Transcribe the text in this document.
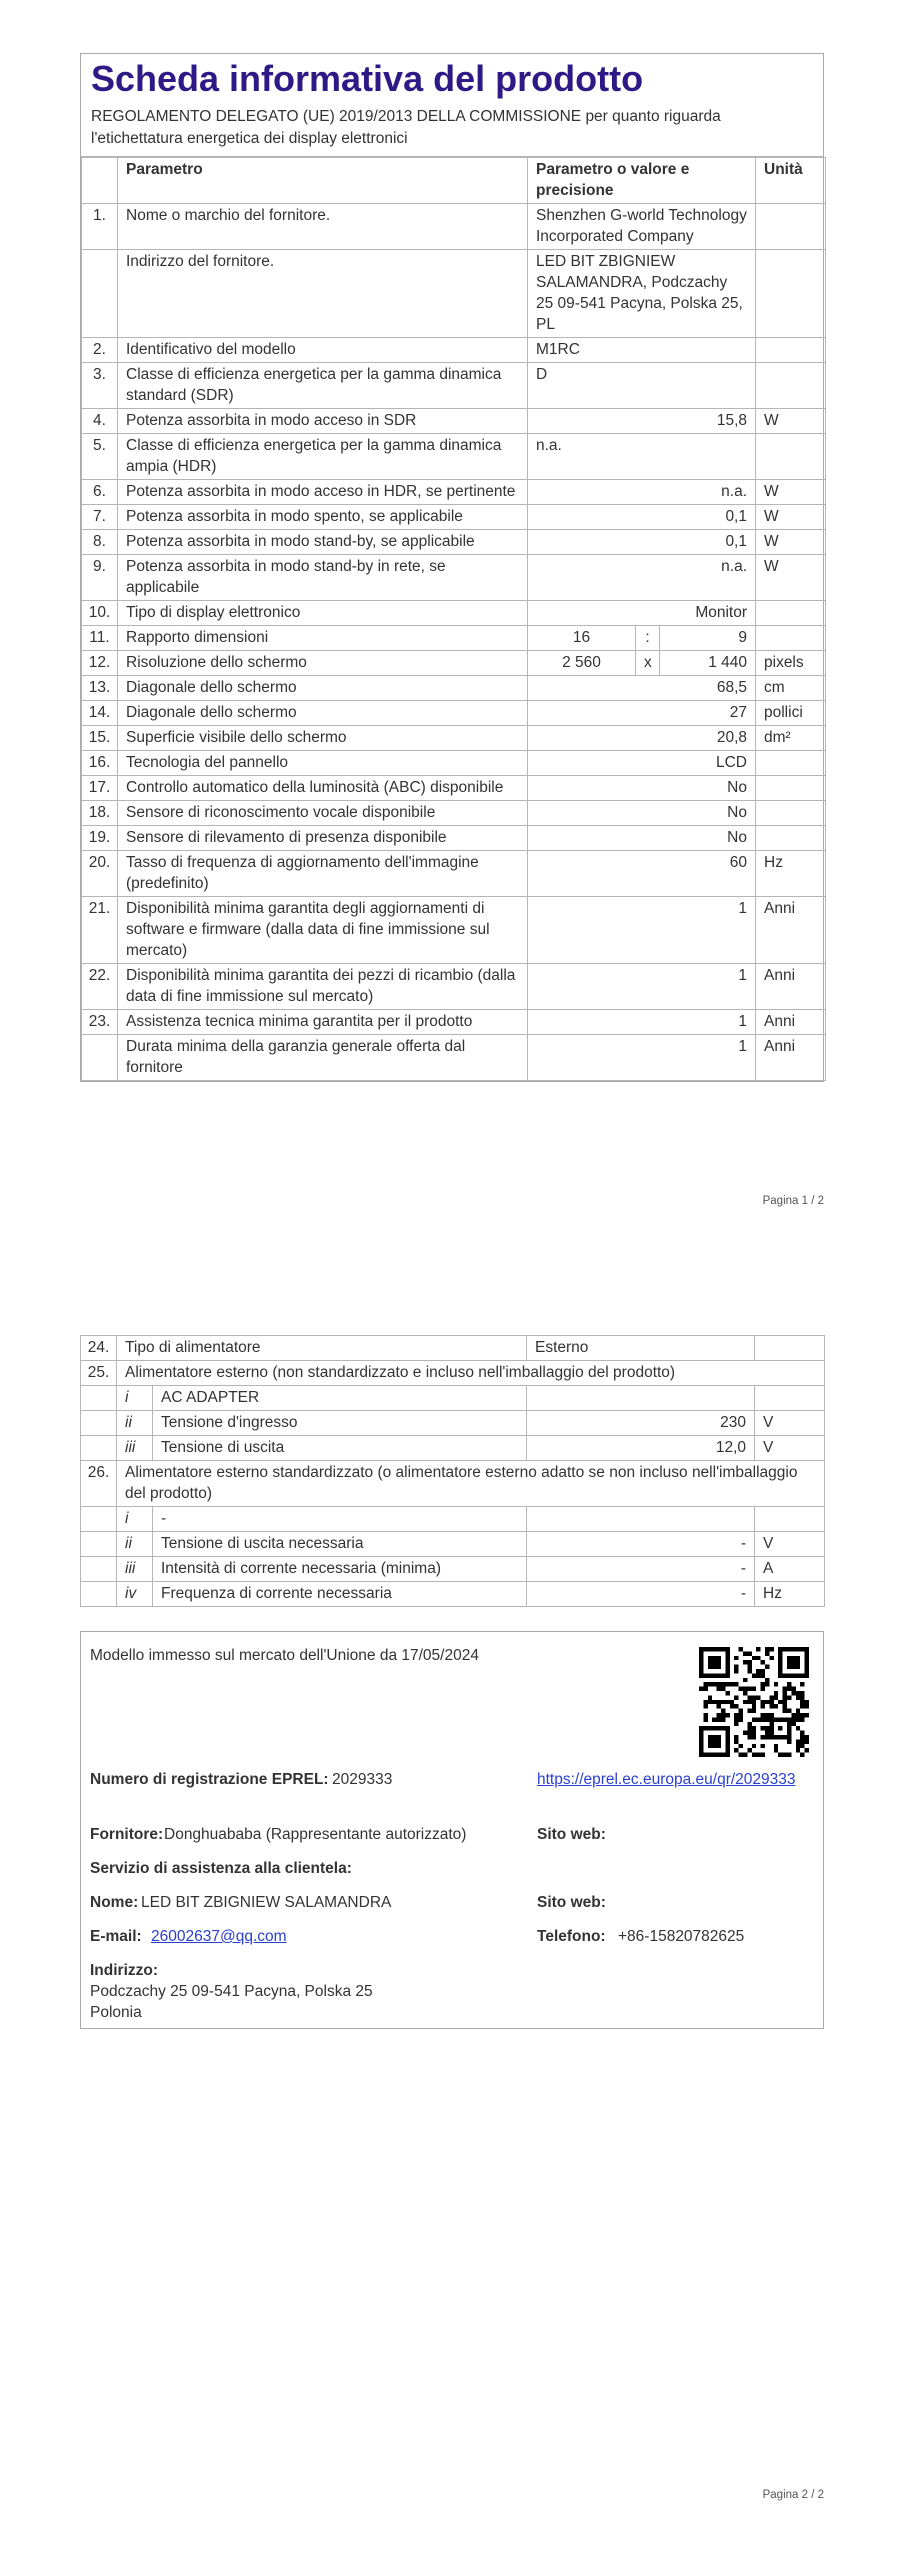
Scheda informativa del prodotto
REGOLAMENTO DELEGATO (UE) 2019/2013 DELLA COMMISSIONE per quanto riguarda l'etichettatura energetica dei display elettronici
	Parametro	Parametro o valore e precisione			Unità
1.	Nome o marchio del fornitore.	Shenzhen G-world Technology Incorporated Company			
	Indirizzo del fornitore.	LED BIT ZBIGNIEW SALAMANDRA, Podczachy 25 09-541 Pacyna, Polska 25, PL			
2.	Identificativo del modello	M1RC			
3.	Classe di efficienza energetica per la gamma dinamica standard (SDR)	D			
4.	Potenza assorbita in modo acceso in SDR	15,8			W
5.	Classe di efficienza energetica per la gamma dinamica ampia (HDR)	n.a.			
6.	Potenza assorbita in modo acceso in HDR, se pertinente	n.a.			W
7.	Potenza assorbita in modo spento, se applicabile	0,1			W
8.	Potenza assorbita in modo stand-by, se applicabile	0,1			W
9.	Potenza assorbita in modo stand-by in rete, se applicabile	n.a.			W
10.	Tipo di display elettronico	Monitor			
11.	Rapporto dimensioni	16	:	9	
12.	Risoluzione dello schermo	2 560	x	1 440	pixels
13.	Diagonale dello schermo	68,5			cm
14.	Diagonale dello schermo	27			pollici
15.	Superficie visibile dello schermo	20,8			dm²
16.	Tecnologia del pannello	LCD			
17.	Controllo automatico della luminosità (ABC) disponibile	No			
18.	Sensore di riconoscimento vocale disponibile	No			
19.	Sensore di rilevamento di presenza disponibile	No			
20.	Tasso di frequenza di aggiornamento dell'immagine (predefinito)	60			Hz
21.	Disponibilità minima garantita degli aggiornamenti di software e firmware (dalla data di fine immissione sul mercato)	1			Anni
22.	Disponibilità minima garantita dei pezzi di ricambio (dalla data di fine immissione sul mercato)	1			Anni
23.	Assistenza tecnica minima garantita per il prodotto	1			Anni
	Durata minima della garanzia generale offerta dal fornitore	1			Anni
Pagina 1 / 2
24.	Tipo di alimentatore		Esterno	
25.	Alimentatore esterno (non standardizzato e incluso nell'imballaggio del prodotto)			
	i	AC ADAPTER		
	ii	Tensione d'ingresso	230	V
	iii	Tensione di uscita	12,0	V
26.	Alimentatore esterno standardizzato (o alimentatore esterno adatto se non incluso nell'imballaggio del prodotto)			
	i	-		
	ii	Tensione di uscita necessaria	-	V
	iii	Intensità di corrente necessaria (minima)	-	A
	iv	Frequenza di corrente necessaria	-	Hz
Modello immesso sul mercato dell'Unione da 17/05/2024
Numero di registrazione EPREL: 2029333	https://eprel.ec.europa.eu/qr/2029333
Fornitore: Donghuababa (Rappresentante autorizzato)	Sito web:
Servizio di assistenza alla clientela:
Nome: LED BIT ZBIGNIEW SALAMANDRA	Sito web:
E-mail: 26002637@qq.com	Telefono: +86-15820782625
Indirizzo:
Podczachy 25 09-541 Pacyna, Polska 25
Polonia
Pagina 2 / 2
